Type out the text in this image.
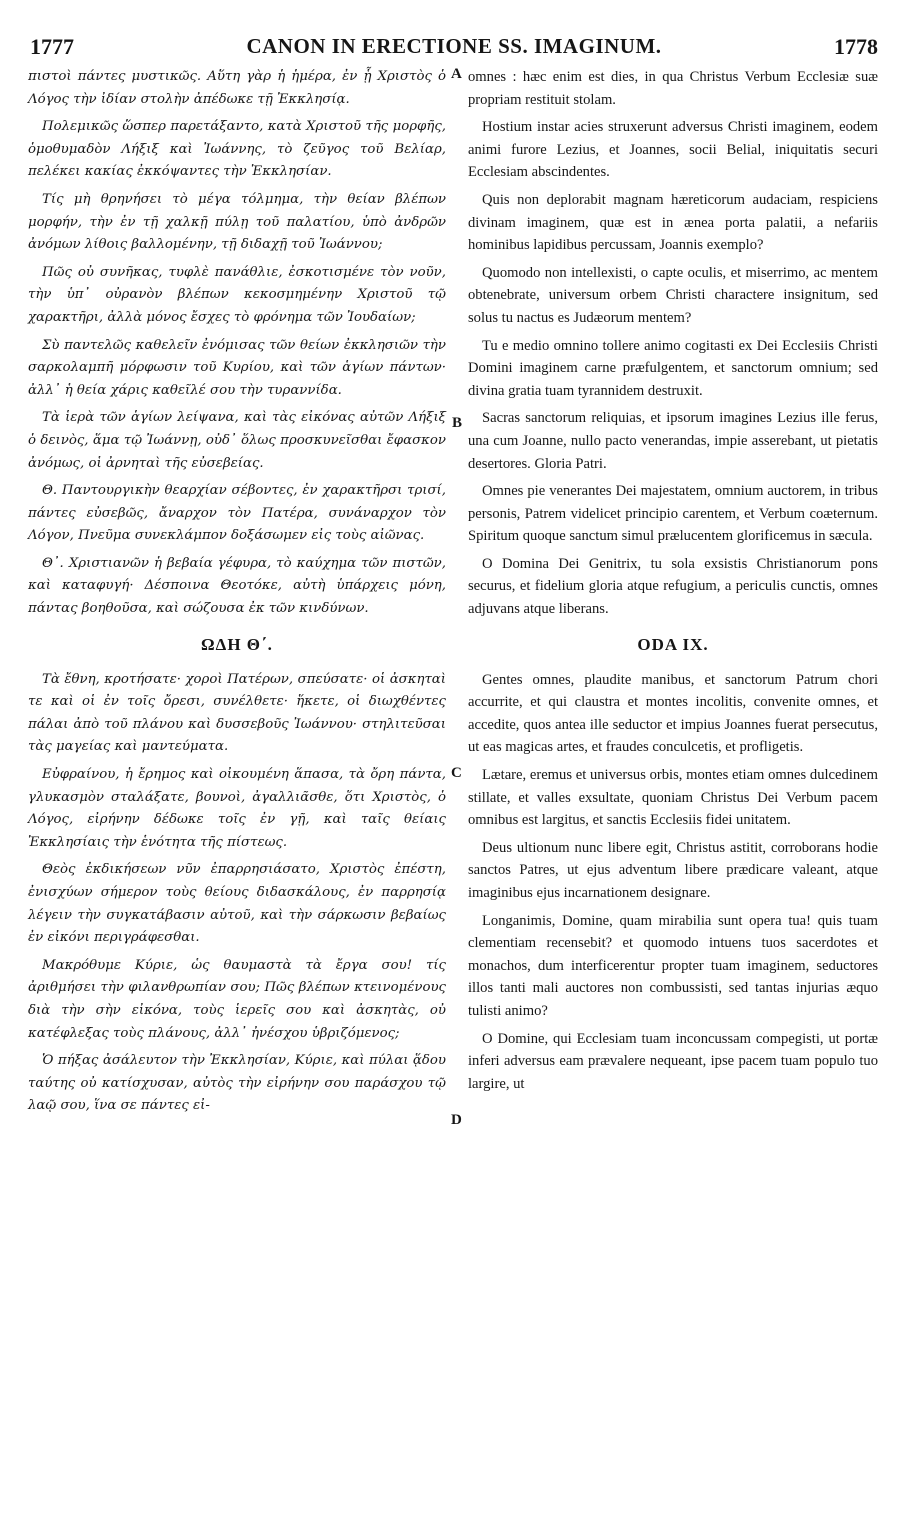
1777	CANON IN ERECTIONE SS. IMAGINUM.	1778

πιστοὶ πάντες μυστικῶς. Αὕτη γὰρ ἡ ἡμέρα, ἐν ᾗ Χριστὸς ὁ Λόγος τὴν ἰδίαν στολὴν ἀπέδωκε τῇ Ἐκκλησίᾳ.

Πολεμικῶς ὥσπερ παρετάξαντο, κατὰ Χριστοῦ τῆς μορφῆς, ὁμοθυμαδὸν Λήξιξ καὶ Ἰωάννης, τὸ ζεῦγος τοῦ Βελίαρ, πελέκει κακίας ἐκκόψαντες τὴν Ἐκκλησίαν.

Τίς μὴ θρηνήσει τὸ μέγα τόλμημα, τὴν θείαν βλέπων μορφήν, τὴν ἐν τῇ χαλκῇ πύλῃ τοῦ παλατίου, ὑπὸ ἀνδρῶν ἀνόμων λίθοις βαλλομένην, τῇ διδαχῇ τοῦ Ἰωάννου;

Πῶς οὐ συνῆκας, τυφλὲ πανάθλιε, ἐσκοτισμένε τὸν νοῦν, τὴν ὑπ᾽ οὐρανὸν βλέπων κεκοσμημένην Χριστοῦ τῷ χαρακτῆρι, ἀλλὰ μόνος ἔσχες τὸ φρόνημα τῶν Ἰουδαίων;

Σὺ παντελῶς καθελεῖν ἐνόμισας τῶν θείων ἐκκλησιῶν τὴν σαρκολαμπῆ μόρφωσιν τοῦ Κυρίου, καὶ τῶν ἁγίων πάντων· ἀλλ᾽ ἡ θεία χάρις καθεῖλέ σου τὴν τυραννίδα.

Τὰ ἱερὰ τῶν ἁγίων λείψανα, καὶ τὰς εἰκόνας αὐτῶν Λήξιξ ὁ δεινὸς, ἅμα τῷ Ἰωάννῃ, οὐδ᾽ ὅλως προσκυνεῖσθαι ἔφασκον ἀνόμως, οἱ ἀρνηταὶ τῆς εὐσεβείας.

Θ. Παντουργικὴν θεαρχίαν σέβοντες, ἐν χαρακτῆρσι τρισί, πάντες εὐσεβῶς, ἄναρχον τὸν Πατέρα, συνάναρχον τὸν Λόγον, Πνεῦμα συνεκλάμπον δοξάσωμεν εἰς τοὺς αἰῶνας.

Θ᾽. Χριστιανῶν ἡ βεβαία γέφυρα, τὸ καύχημα τῶν πιστῶν, καὶ καταφυγή· Δέσποινα Θεοτόκε, αὐτὴ ὑπάρχεις μόνη, πάντας βοηθοῦσα, καὶ σώζουσα ἐκ τῶν κινδύνων.

ΩΔΗ Θ΄.

Τὰ ἔθνη, κροτήσατε· χοροὶ Πατέρων, σπεύσατε· οἱ ἀσκηταὶ τε καὶ οἱ ἐν τοῖς ὄρεσι, συνέλθετε· ἥκετε, οἱ διωχθέντες πάλαι ἀπὸ τοῦ πλάνου καὶ δυσσεβοῦς Ἰωάννου· στηλιτεῦσαι τὰς μαγείας καὶ μαντεύματα.

Εὐφραίνου, ἡ ἔρημος καὶ οἰκουμένη ἅπασα, τὰ ὄρη πάντα, γλυκασμὸν σταλάξατε, βουνοὶ, ἀγαλλιᾶσθε, ὅτι Χριστὸς, ὁ Λόγος, εἰρήνην δέδωκε τοῖς ἐν γῇ, καὶ ταῖς θείαις Ἐκκλησίαις τὴν ἑνότητα τῆς πίστεως.

Θεὸς ἐκδικήσεων νῦν ἐπαρρησιάσατο, Χριστὸς ἐπέστη, ἐνισχύων σήμερον τοὺς θείους διδασκάλους, ἐν παρρησίᾳ λέγειν τὴν συγκατάβασιν αὐτοῦ, καὶ τὴν σάρκωσιν βεβαίως ἐν εἰκόνι περιγράφεσθαι.

Μακρόθυμε Κύριε, ὡς θαυμαστὰ τὰ ἔργα σου! τίς ἀριθμήσει τὴν φιλανθρωπίαν σου; Πῶς βλέπων κτεινομένους διὰ τὴν σὴν εἰκόνα, τοὺς ἱερεῖς σου καὶ ἀσκητὰς, οὐ κατέφλεξας τοὺς πλάνους, ἀλλ᾽ ἠνέσχου ὑβριζόμενος;

Ὁ πήξας ἀσάλευτον τὴν Ἐκκλησίαν, Κύριε, καὶ πύλαι ᾅδου ταύτης οὐ κατίσχυσαν, αὐτὸς τὴν εἰρήνην σου παράσχου τῷ λαῷ σου, ἵνα σε πάντες εἰ-

omnes : hæc enim est dies, in qua Christus Verbum Ecclesiæ suæ propriam restituit stolam.

Hostium instar acies struxerunt adversus Christi imaginem, eodem animi furore Lezius, et Joannes, socii Belial, iniquitatis securi Ecclesiam abscindentes.

Quis non deplorabit magnam hæreticorum audaciam, respiciens divinam imaginem, quæ est in ænea porta palatii, a nefariis hominibus lapidibus percussam, Joannis exemplo?

Quomodo non intellexisti, o capte oculis, et miserrimo, ac mentem obtenebrate, universum orbem Christi charactere insignitum, sed solus tu nactus es Judæorum mentem?

Tu e medio omnino tollere animo cogitasti ex Dei Ecclesiis Christi Domini imaginem carne præfulgentem, et sanctorum omnium; sed divina gratia tuam tyrannidem destruxit.

Sacras sanctorum reliquias, et ipsorum imagines Lezius ille ferus, una cum Joanne, nullo pacto venerandas, impie asserebant, ut pietatis desertores. Gloria Patri.

Omnes pie venerantes Dei majestatem, omnium auctorem, in tribus personis, Patrem videlicet principio carentem, et Verbum coæternum. Spiritum quoque sanctum simul prælucentem glorificemus in sæcula.

O Domina Dei Genitrix, tu sola exsistis Christianorum pons securus, et fidelium gloria atque refugium, a periculis cunctis, omnes adjuvans atque liberans.

ODA IX.

Gentes omnes, plaudite manibus, et sanctorum Patrum chori accurrite, et qui claustra et montes incolitis, convenite omnes, et accedite, quos antea ille seductor et impius Joannes fuerat persecutus, ut eas magicas artes, et fraudes conculcetis, et profligetis.

Lætare, eremus et universus orbis, montes etiam omnes dulcedinem stillate, et valles exsultate, quoniam Christus Dei Verbum pacem omnibus est largitus, et sanctis Ecclesiis fidei unitatem.

Deus ultionum nunc libere egit, Christus astitit, corroborans hodie sanctos Patres, ut ejus adventum libere prædicare valeant, atque imaginibus ejus incarnationem designare.

Longanimis, Domine, quam mirabilia sunt opera tua! quis tuam clementiam recensebit? et quomodo intuens tuos sacerdotes et monachos, dum interficerentur propter tuam imaginem, seductores illos tanti mali auctores non combussisti, sed tantas injurias æquo tulisti animo?

O Domine, qui Ecclesiam tuam inconcussam compegisti, ut portæ inferi adversus eam prævalere nequeant, ipse pacem tuam populo tuo largire, ut

A
B
C
D
